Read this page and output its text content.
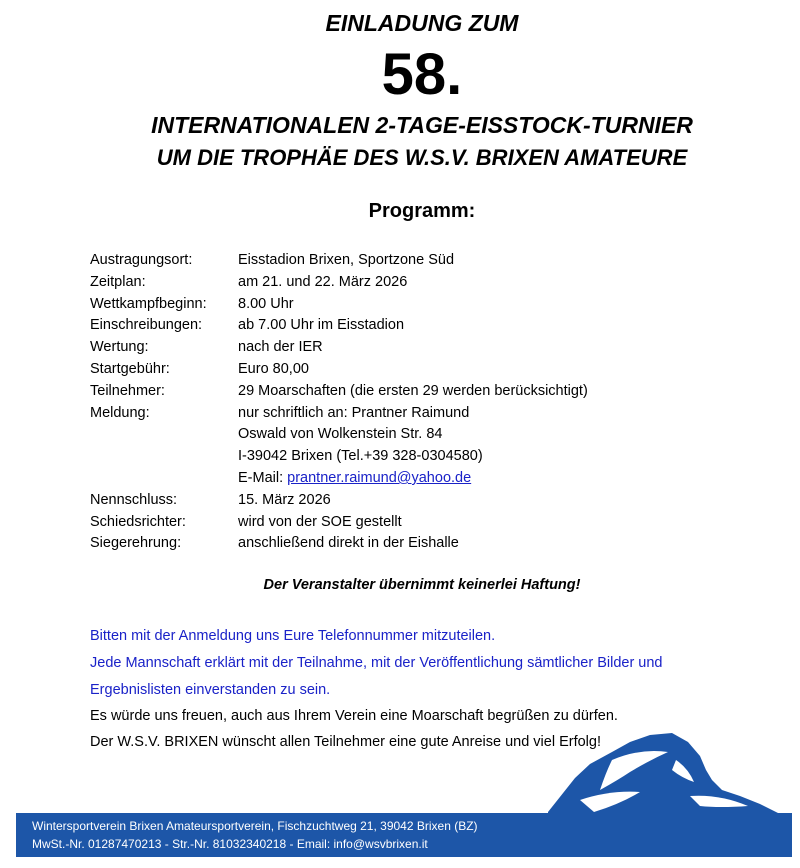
EINLADUNG ZUM

58.

INTERNATIONALEN 2-TAGE-EISSTOCK-TURNIER

UM DIE TROPHÄE DES W.S.V. BRIXEN AMATEURE

Programm:

Austragungsort:	Eisstadion Brixen, Sportzone Süd
Zeitplan:	am 21. und 22. März 2026
Wettkampfbeginn: 8.00 Uhr
Einschreibungen: ab 7.00 Uhr im Eisstadion
Wertung:	nach der IER
Startgebühr:	Euro 80,00
Teilnehmer:	29 Moarschaften (die ersten 29 werden berücksichtigt)
Meldung:	nur schriftlich an: Prantner Raimund
Oswald von Wolkenstein Str. 84
I-39042 Brixen (Tel.+39 328-0304580)
E-Mail: prantner.raimund@yahoo.de
Nennschluss:	15. März 2026
Schiedsrichter:	wird von der SOE gestellt
Siegerehrung:	anschließend direkt in der Eishalle

Der Veranstalter übernimmt keinerlei Haftung!

Bitten mit der Anmeldung uns Eure Telefonnummer mitzuteilen.

Jede Mannschaft erklärt mit der Teilnahme, mit der Veröffentlichung sämtlicher Bilder und

Ergebnislisten einverstanden zu sein.

Es würde uns freuen, auch aus Ihrem Verein eine Moarschaft begrüßen zu dürfen.

Der W.S.V. BRIXEN wünscht allen Teilnehmer eine gute Anreise und viel Erfolg!

Wintersportverein Brixen Amateursportverein, Fischzuchtweg 21, 39042 Brixen (BZ)
MwSt.-Nr. 01287470213 - Str.-Nr. 81032340218 - Email: info@wsvbrixen.it
